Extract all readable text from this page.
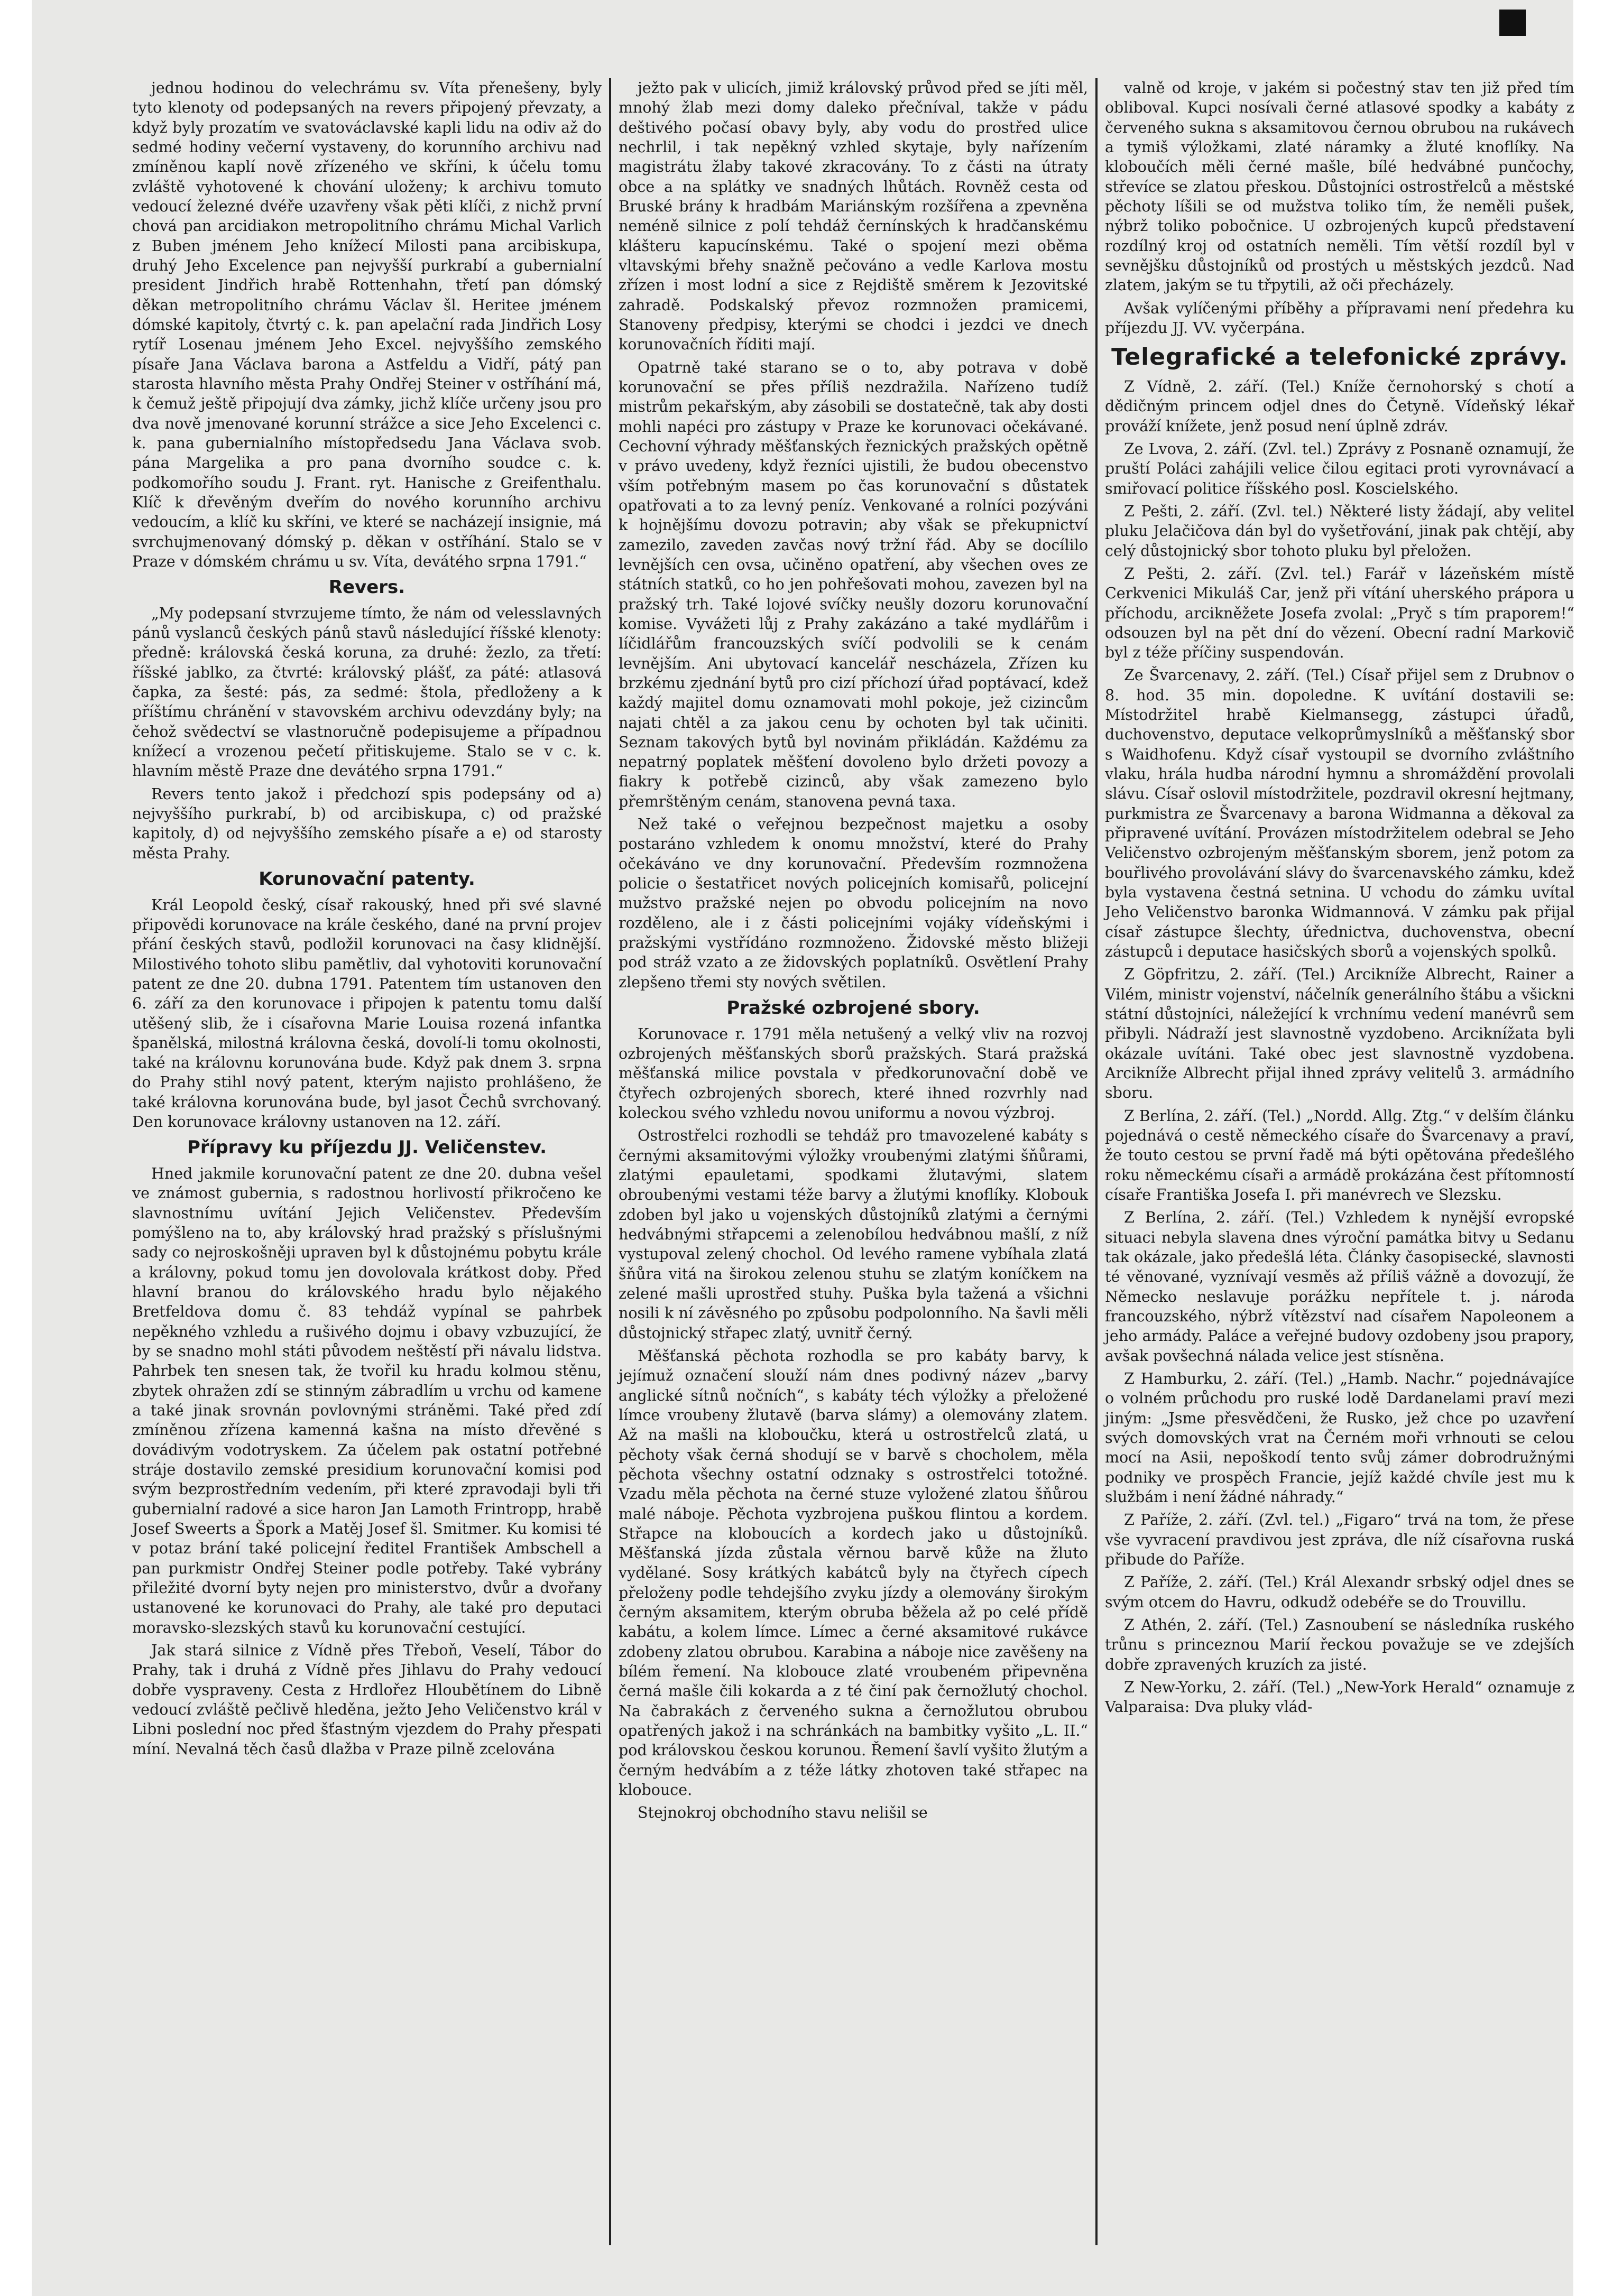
jednou hodinou do velechrámu sv. Víta přenešeny, byly tyto klenoty od podepsaných na revers připojený převzaty, a když byly prozatím ve svatováclavské kapli lidu na odiv až do sedmé hodiny večerní vystaveny, do korunního archivu nad zmíněnou kaplí nově zřízeného ve skříni, k účelu tomu zvláště vyhotovené k chování uloženy; k archivu tomuto vedoucí železné dvéře uzavřeny však pěti klíči, z nichž první chová pan arcidiakon metropolitního chrámu Michal Varlich z Buben jménem Jeho knížecí Milosti pana arcibiskupa, druhý Jeho Excelence pan nejvyšší purkrabí a gubernialní president Jindřich hrabě Rottenhahn, třetí pan dómský děkan metropolitního chrámu Václav šl. Heritee jménem dómské kapitoly, čtvrtý c. k. pan apelační rada Jindřich Losy rytíř Losenau jménem Jeho Excel. nejvyššího zemského písaře Jana Václava barona a Astfeldu a Vidří, pátý pan starosta hlavního města Prahy Ondřej Steiner v ostříhání má, k čemuž ještě připojují dva zámky, jichž klíče určeny jsou pro dva nově jmenované korunní strážce a sice Jeho Excelenci c. k. pana gubernialního místopředsedu Jana Václava svob. pána Margelika a pro pana dvorního soudce c. k. podkomořího soudu J. Frant. ryt. Hanische z Greifenthalu. Klíč k dřevěným dveřím do nového korunního archivu vedoucím, a klíč ku skříni, ve které se nacházejí insignie, má svrchujmenovaný dómský p. děkan v ostříhání. Stalo se v Praze v dómském chrámu u sv. Víta, devátého srpna 1791.“

Revers.

„My podepsaní stvrzujeme tímto, že nám od velesslavných pánů vyslanců českých pánů stavů následující říšské klenoty: předně: královská česká koruna, za druhé: žezlo, za třetí: říšské jablko, za čtvrté: královský plášť, za páté: atlasová čapka, za šesté: pás, za sedmé: štola, předloženy a k příštímu chránění v stavovském archivu odevzdány byly; na čehož svědectví se vlastnoručně podepisujeme a případnou knížecí a vrozenou pečetí přitiskujeme. Stalo se v c. k. hlavním městě Praze dne devátého srpna 1791.“

Revers tento jakož i předchozí spis podepsány od a) nejvyššího purkrabí, b) od arcibiskupa, c) od pražské kapitoly, d) od nejvyššího zemského písaře a e) od starosty města Prahy.

Korunovační patenty.

Král Leopold český, císař rakouský, hned při své slavné připovědi korunovace na krále českého, dané na první projev přání českých stavů, podložil korunovaci na časy klidnější. Milostivého tohoto slibu pamětliv, dal vyhotoviti korunovační patent ze dne 20. dubna 1791. Patentem tím ustanoven den 6. září za den korunovace i připojen k patentu tomu další utěšený slib, že i císařovna Marie Louisa rozená infantka španělská, milostná královna česká, dovolí-li tomu okolnosti, také na královnu korunována bude. Když pak dnem 3. srpna do Prahy stihl nový patent, kterým najisto prohlášeno, že také královna korunována bude, byl jasot Čechů svrchovaný. Den korunovace královny ustanoven na 12. září.

Přípravy ku příjezdu JJ. Veličenstev.

Hned jakmile korunovační patent ze dne 20. dubna vešel ve známost gubernia, s radostnou horlivostí přikročeno ke slavnostnímu uvítání Jejich Veličenstev. Především pomýšleno na to, aby královský hrad pražský s příslušnými sady co nejroskošněji upraven byl k důstojnému pobytu krále a královny, pokud tomu jen dovolovala krátkost doby. Před hlavní branou do královského hradu bylo nějakého Bretfeldova domu č. 83 tehdáž vypínal se pahrbek nepěkného vzhledu a rušivého dojmu i obavy vzbuzující, že by se snadno mohl státi původem neštěstí při návalu lidstva. Pahrbek ten snesen tak, že tvořil ku hradu kolmou stěnu, zbytek ohražen zdí se stinným zábradlím u vrchu od kamene a také jinak srovnán povlovnými stráněmi. Také před zdí zmíněnou zřízena kamenná kašna na místo dřevěné s dovádivým vodotryskem. Za účelem pak ostatní potřebné stráje dostavilo zemské presidium korunovační komisi pod svým bezprostředním vedením, při které zpravodaji byli tři gubernialní radové a sice haron Jan Lamoth Frintropp, hrabě Josef Sweerts a Špork a Matěj Josef šl. Smitmer. Ku komisi té v potaz brání také policejní ředitel František Ambschell a pan purkmistr Ondřej Steiner podle potřeby. Také vybrány přiležité dvorní byty nejen pro ministerstvo, dvůr a dvořany ustanovené ke korunovaci do Prahy, ale také pro deputaci moravsko-slezských stavů ku korunovační cestující.

Jak stará silnice z Vídně přes Třeboň, Veselí, Tábor do Prahy, tak i druhá z Vídně přes Jihlavu do Prahy vedoucí dobře vyspraveny. Cesta z Hrdlořez Hloubětínem do Libně vedoucí zvláště pečlivě hleděna, ježto Jeho Veličenstvo král v Libni poslední noc před šťastným vjezdem do Prahy přespati míní. Nevalná těch časů dlažba v Praze pilně zcelována

ježto pak v ulicích, jimiž královský průvod před se jíti měl, mnohý žlab mezi domy daleko přečníval, takže v pádu deštivého počasí obavy byly, aby vodu do prostřed ulice nechrlil, i tak nepěkný vzhled skytaje, byly nařízením magistrátu žlaby takové zkracovány. To z části na útraty obce a na splátky ve snadných lhůtách. Rovněž cesta od Bruské brány k hradbám Mariánským rozšířena a zpevněna neméně silnice z polí tehdáž černínských k hradčanskému klášteru kapucínskému. Také o spojení mezi oběma vltavskými břehy snažně pečováno a vedle Karlova mostu zřízen i most lodní a sice z Rejdiště směrem k Jezovitské zahradě. Podskalský převoz rozmnožen pramicemi, Stanoveny předpisy, kterými se chodci i jezdci ve dnech korunovačních říditi mají.

Opatrně také starano se o to, aby potrava v době korunovační se přes příliš nezdražila. Nařízeno tudíž mistrům pekařským, aby zásobili se dostatečně, tak aby dosti mohli napéci pro zástupy v Praze ke korunovaci očekávané. Cechovní výhrady měšťanských řeznických pražských opětně v právo uvedeny, když řezníci ujistili, že budou obecenstvo vším potřebným masem po čas korunovační s důstatek opatřovati a to za levný peníz. Venkované a rolníci pozýváni k hojnějšímu dovozu potravin; aby však se překupnictví zamezilo, zaveden zavčas nový tržní řád. Aby se docílilo levnějších cen ovsa, učiněno opatření, aby všechen oves ze státních statků, co ho jen pohřešovati mohou, zavezen byl na pražský trh. Také lojové svíčky neušly dozoru korunovační komise. Vyvážeti lůj z Prahy zakázáno a také mydlářům i líčidlářům francouzských svíčí podvolili se k cenám levnějším. Ani ubytovací kancelář nescházela, Zřízen ku brzkému zjednání bytů pro cizí příchozí úřad poptávací, kdež každý majitel domu oznamovati mohl pokoje, jež cizincům najati chtěl a za jakou cenu by ochoten byl tak učiniti. Seznam takových bytů byl novinám přikládán. Každému za nepatrný poplatek měšťení dovoleno bylo držeti povozy a fiakry k potřebě cizinců, aby však zamezeno bylo přemrštěným cenám, stanovena pevná taxa.

Než také o veřejnou bezpečnost majetku a osoby postaráno vzhledem k onomu množství, které do Prahy očekáváno ve dny korunovační. Především rozmnožena policie o šestatřicet nových policejních komisařů, policejní mužstvo pražské nejen po obvodu policejním na novo rozděleno, ale i z části policejními vojáky vídeňskými i pražskými vystřídáno rozmnoženo. Židovské město bližeji pod stráž vzato a ze židovských poplatníků. Osvětlení Prahy zlepšeno třemi sty nových světilen.

Pražské ozbrojené sbory.

Korunovace r. 1791 měla netušený a velký vliv na rozvoj ozbrojených měšťanských sborů pražských. Stará pražská měšťanská milice povstala v předkorunovační době ve čtyřech ozbrojených sborech, které ihned rozvrhly nad koleckou svého vzhledu novou uniformu a novou výzbroj.

Ostrostřelci rozhodli se tehdáž pro tmavozelené kabáty s černými aksamitovými výložky vroubenými zlatými šňůrami, zlatými epauletami, spodkami žlutavými, slatem obroubenými vestami téže barvy a žlutými knoflíky. Klobouk zdoben byl jako u vojenských důstojníků zlatými a černými hedvábnými střapcemi a zelenobílou hedvábnou mašlí, z níž vystupoval zelený chochol. Od levého ramene vybíhala zlatá šňůra vitá na širokou zelenou stuhu se zlatým koníčkem na zelené mašli uprostřed stuhy. Puška byla tažená a všichni nosili k ní závěsného po způsobu podpolonního. Na šavli měli důstojnický střapec zlatý, uvnitř černý.

Měšťanská pěchota rozhodla se pro kabáty barvy, k jejímuž označení slouží nám dnes podivný název „barvy anglické sítnů nočních“, s kabáty téch výložky a přeložené límce vroubeny žlutavě (barva slámy) a olemovány zlatem. Až na mašli na kloboučku, která u ostrostřelců zlatá, u pěchoty však černá shodují se v barvě s chocholem, měla pěchota všechny ostatní odznaky s ostrostřelci totožné. Vzadu měla pěchota na černé stuze vyložené zlatou šňůrou malé náboje. Pěchota vyzbrojena puškou flintou a kordem. Střapce na kloboucích a kordech jako u důstojníků. Měšťanská jízda zůstala věrnou barvě kůže na žluto vydělané. Sosy krátkých kabátců byly na čtyřech cípech přeloženy podle tehdejšího zvyku jízdy a olemovány širokým černým aksamitem, kterým obruba běžela až po celé přídě kabátu, a kolem límce. Límec a černé aksamitové rukávce zdobeny zlatou obrubou. Karabina a náboje nice zavěšeny na bílém řemení. Na klobouce zlaté vroubeném připevněna černá mašle čili kokarda a z té činí pak černožlutý chochol. Na čabrakách z červeného sukna a černožlutou obrubou opatřených jakož i na schránkách na bambitky vyšito „L. II.“ pod královskou českou korunou. Řemení šavlí vyšito žlutým a černým hedvábím a z téže látky zhotoven také střapec na klobouce.

Stejnokroj obchodního stavu nelišil se

valně od kroje, v jakém si počestný stav ten již před tím obliboval. Kupci nosívali černé atlasové spodky a kabáty z červeného sukna s aksamitovou černou obrubou na rukávech a tymiš výložkami, zlaté náramky a žluté knoflíky. Na kloboučích měli černé mašle, bílé hedvábné punčochy, střevíce se zlatou přeskou. Důstojníci ostrostřelců a městské pěchoty líšili se od mužstva toliko tím, že neměli pušek, nýbrž toliko pobočnice. U ozbrojených kupců představení rozdílný kroj od ostatních neměli. Tím větší rozdíl byl v sevnějšku důstojníků od prostých u městských jezdců. Nad zlatem, jakým se tu třpytili, až oči přecházely.

Avšak vylíčenými příběhy a přípravami není předehra ku příjezdu JJ. VV. vyčerpána.

Telegrafické a telefonické zprávy.

Z Vídně, 2. září. (Tel.) Kníže černohorský s chotí a dědičným princem odjel dnes do Četyně. Vídeňský lékař prováží knížete, jenž posud není úplně zdráv.

Ze Lvova, 2. září. (Zvl. tel.) Zprávy z Posnaně oznamují, že pruští Poláci zahájili velice čilou egitaci proti vyrovnávací a smiřovací politice říšského posl. Koscielského.

Z Pešti, 2. září. (Zvl. tel.) Některé listy žádají, aby velitel pluku Jelačičova dán byl do vyšetřování, jinak pak chtějí, aby celý důstojnický sbor tohoto pluku byl přeložen.

Z Pešti, 2. září. (Zvl. tel.) Farář v lázeňském místě Cerkvenici Mikuláš Car, jenž při vítání uherského prápora u příchodu, arcikněžete Josefa zvolal: „Pryč s tím praporem!“ odsouzen byl na pět dní do vězení. Obecní radní Markovič byl z téže příčiny suspendován.

Ze Švarcenavy, 2. září. (Tel.) Císař přijel sem z Drubnov o 8. hod. 35 min. dopoledne. K uvítání dostavili se: Místodržitel hrabě Kielmansegg, zástupci úřadů, duchovenstvo, deputace velkoprůmyslníků a měšťanský sbor s Waidhofenu. Když císař vystoupil se dvorního zvláštního vlaku, hrála hudba národní hymnu a shromáždění provolali slávu. Císař oslovil místodržitele, pozdravil okresní hejtmany, purkmistra ze Švarcenavy a barona Widmanna a děkoval za připravené uvítání. Provázen místodržitelem odebral se Jeho Veličenstvo ozbrojeným měšťanským sborem, jenž potom za bouřlivého provolávání slávy do švarcenavského zámku, kdež byla vystavena čestná setnina. U vchodu do zámku uvítal Jeho Veličenstvo baronka Widmannová. V zámku pak přijal císař zástupce šlechty, úřednictva, duchovenstva, obecní zástupců i deputace hasičských sborů a vojenských spolků.

Z Göpfritzu, 2. září. (Tel.) Arcikníže Albrecht, Rainer a Vilém, ministr vojenství, náčelník generálního štábu a všickni státní důstojníci, náležející k vrchnímu vedení manévrů sem přibyli. Nádraží jest slavnostně vyzdobeno. Arciknížata byli okázale uvítáni. Také obec jest slavnostně vyzdobena. Arcikníže Albrecht přijal ihned zprávy velitelů 3. armádního sboru.

Z Berlína, 2. září. (Tel.) „Nordd. Allg. Ztg.“ v delším článku pojednává o cestě německého císaře do Švarcenavy a praví, že touto cestou se první řadě má býti opětována předešlého roku německému císaři a armádě prokázána čest přítomností císaře Františka Josefa I. při manévrech ve Slezsku.

Z Berlína, 2. září. (Tel.) Vzhledem k nynější evropské situaci nebyla slavena dnes výroční památka bitvy u Sedanu tak okázale, jako předešlá léta. Články časopisecké, slavnosti té věnované, vyznívají vesměs až příliš vážně a dovozují, že Německo neslavuje porážku nepřítele t. j. národa francouzského, nýbrž vítězství nad císařem Napoleonem a jeho armády. Paláce a veřejné budovy ozdobeny jsou prapory, avšak povšechná nálada velice jest stísněna.

Z Hamburku, 2. září. (Tel.) „Hamb. Nachr.“ pojednávajíce o volném průchodu pro ruské lodě Dardanelami praví mezi jiným: „Jsme přesvědčeni, že Rusko, jež chce po uzavření svých domovských vrat na Černém moři vrhnouti se celou mocí na Asii, nepoškodí tento svůj zámer dobrodružnými podniky ve prospěch Francie, jejíž každé chvíle jest mu k službám i není žádné náhrady.“

Z Paříže, 2. září. (Zvl. tel.) „Figaro“ trvá na tom, že přese vše vyvracení pravdivou jest zpráva, dle níž císařovna ruská přibude do Paříže.

Z Paříže, 2. září. (Tel.) Král Alexandr srbský odjel dnes se svým otcem do Havru, odkudž odebéře se do Trouvillu.

Z Athén, 2. září. (Tel.) Zasnoubení se následníka ruského trůnu s princeznou Marií řeckou považuje se ve zdejších dobře zpravených kruzích za jisté.

Z New-Yorku, 2. září. (Tel.) „New-York Herald“ oznamuje z Valparaisa: Dva pluky vlád-
